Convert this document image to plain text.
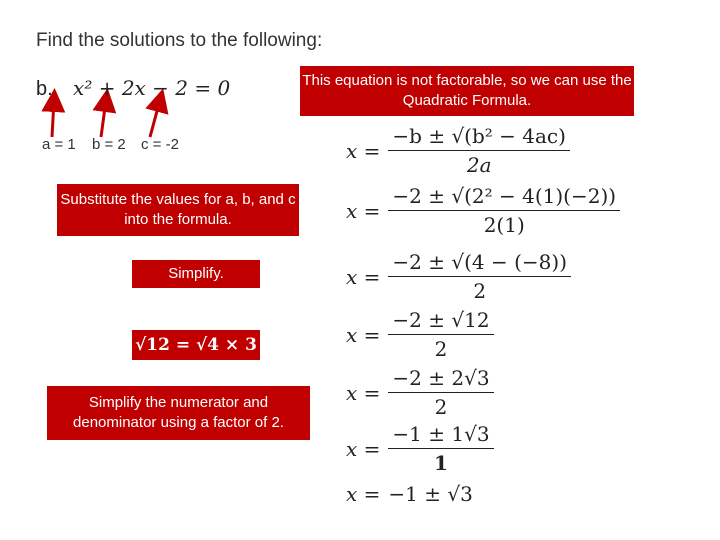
Find the solutions to the following:
b. x² + 2x − 2 = 0
a = 1 b = 2 c = -2
This equation is not factorable, so we can use the Quadratic Formula.
Substitute the values for a, b, and c into the formula.
Simplify.
√12 = √4 × 3
Simplify the numerator and denominator using a factor of 2.
$x = \frac{\text{−b ± √(b² − 4ac)}}{2a}$
$x = \frac{\text{−2 ± √(2² − 4(1)(−2))}}{2(1)}$
$x = \frac{-2 \pm √(4 - (-8))}{2}$
$x = \frac{-2 \pm √12}{2}$
$x = \frac{-2 \pm 2√3}{2}$
$x = \frac{-1 \pm 1√3}{1}$
x = −1 ± √3
